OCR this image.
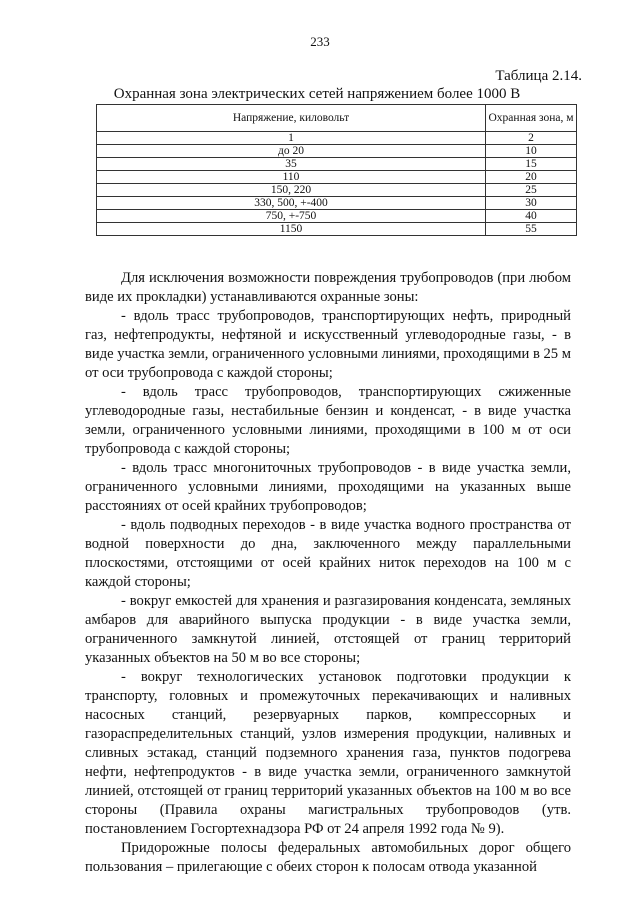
233
Таблица 2.14.
Охранная зона электрических сетей напряжением более 1000 В
Напряжение, киловольт	Охранная зона, м
1	2
до 20	10
35	15
110	20
150, 220	25
330, 500, +-400	30
750, +-750	40
1150	55

Для исключения возможности повреждения трубопроводов (при любом виде их прокладки) устанавливаются охранные зоны:

- вдоль трасс трубопроводов, транспортирующих нефть, природный газ, нефтепродукты, нефтяной и искусственный углеводородные газы, - в виде участка земли, ограниченного условными линиями, проходящими в 25 м от оси трубопровода с каждой стороны;

- вдоль трасс трубопроводов, транспортирующих сжиженные углеводородные газы, нестабильные бензин и конденсат, - в виде участка земли, ограниченного условными линиями, проходящими в 100 м от оси трубопровода с каждой стороны;

- вдоль трасс многониточных трубопроводов - в виде участка земли, ограниченного условными линиями, проходящими на указанных выше расстояниях от осей крайних трубопроводов;

- вдоль подводных переходов - в виде участка водного пространства от водной поверхности до дна, заключенного между параллельными плоскостями, отстоящими от осей крайних ниток переходов на 100 м с каждой стороны;

- вокруг емкостей для хранения и разгазирования конденсата, земляных амбаров для аварийного выпуска продукции - в виде участка земли, ограниченного замкнутой линией, отстоящей от границ территорий указанных объектов на 50 м во все стороны;

- вокруг технологических установок подготовки продукции к транспорту, головных и промежуточных перекачивающих и наливных насосных станций, резервуарных парков, компрессорных и газораспределительных станций, узлов измерения продукции, наливных и сливных эстакад, станций подземного хранения газа, пунктов подогрева нефти, нефтепродуктов - в виде участка земли, ограниченного замкнутой линией, отстоящей от границ территорий указанных объектов на 100 м во все стороны (Правила охраны магистральных трубопроводов (утв. постановлением Госгортехнадзора РФ от 24 апреля 1992 года № 9).

Придорожные полосы федеральных автомобильных дорог общего пользования – прилегающие с обеих сторон к полосам отвода указанной
